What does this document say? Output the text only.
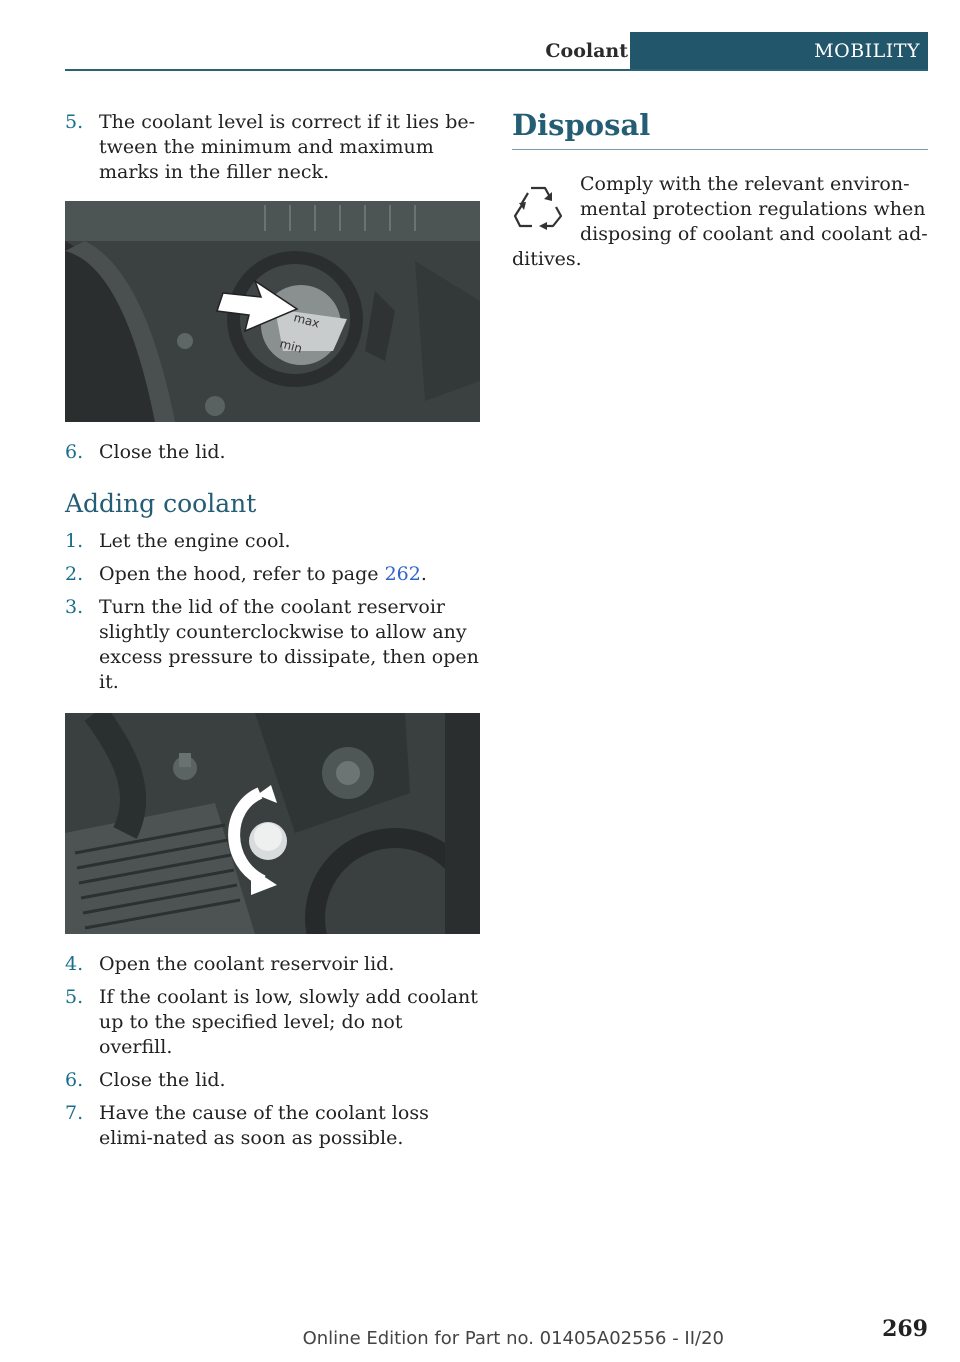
Coolant	MOBILITY
5. The coolant level is correct if it lies be-tween the minimum and maximum marks in the filler neck.
max
min
6. Close the lid.
Adding coolant
1. Let the engine cool.
2. Open the hood, refer to page 262.
3. Turn the lid of the coolant reservoir slightly counterclockwise to allow any excess pressure to dissipate, then open it.
4. Open the coolant reservoir lid.
5. If the coolant is low, slowly add coolant up to the specified level; do not overfill.
6. Close the lid.
7. Have the cause of the coolant loss elimi-nated as soon as possible.
Disposal
Comply with the relevant environ-mental protection regulations when disposing of coolant and coolant ad-ditives.
Online Edition for Part no. 01405A02556 - II/20	269
